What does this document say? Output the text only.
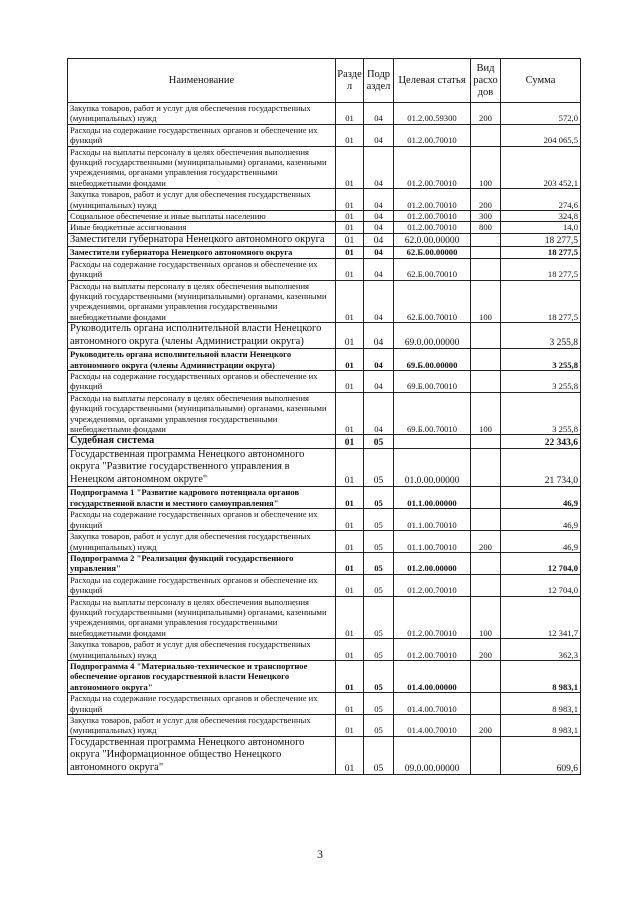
Наименование	Разде л	Подр аздел	Целевая статья	Вид расхо дов	Сумма
Закупка товаров, работ и услуг для обеспечения государственных (муниципальных) нужд	01	04	01.2.00.59300	200	572,0
Расходы на содержание государственных органов и обеспечение их функций	01	04	01.2.00.70010		204 065,5
Расходы на выплаты персоналу в целях обеспечения выполнения функций государственными (муниципальными) органами, казенными учреждениями, органами управления государственными внебюджетными фондами	01	04	01.2.00.70010	100	203 452,1
Закупка товаров, работ и услуг для обеспечения государственных (муниципальных) нужд	01	04	01.2.00.70010	200	274,6
Социальное обеспечение и иные выплаты населению	01	04	01.2.00.70010	300	324,8
Иные бюджетные ассигнования	01	04	01.2.00.70010	800	14,0
Заместители губернатора Ненецкого автономного округа	01	04	62.0.00.00000		18 277,5
Заместители губернатора Ненецкого автономного округа	01	04	62.Б.00.00000		18 277,5
Расходы на содержание государственных органов и обеспечение их функций	01	04	62.Б.00.70010		18 277,5
Расходы на выплаты персоналу в целях обеспечения выполнения функций государственными (муниципальными) органами, казенными учреждениями, органами управления государственными внебюджетными фондами	01	04	62.Б.00.70010	100	18 277,5
Руководитель органа исполнительной власти Ненецкого автономного округа (члены Администрации округа)	01	04	69.0.00.00000		3 255,8
Руководитель органа исполнительной власти Ненецкого автономного округа (члены Администрации округа)	01	04	69.Б.00.00000		3 255,8
Расходы на содержание государственных органов и обеспечение их функций	01	04	69.Б.00.70010		3 255,8
Расходы на выплаты персоналу в целях обеспечения выполнения функций государственными (муниципальными) органами, казенными учреждениями, органами управления государственными внебюджетными фондами	01	04	69.Б.00.70010	100	3 255,8
Судебная система	01	05			22 343,6
Государственная программа Ненецкого автономного округа "Развитие государственного управления в Ненецком автономном округе"	01	05	01.0.00.00000		21 734,0
Подпрограмма 1 "Развитие кадрового потенциала органов государственной власти и местного самоуправления"	01	05	01.1.00.00000		46,9
Расходы на содержание государственных органов и обеспечение их функций	01	05	01.1.00.70010		46,9
Закупка товаров, работ и услуг для обеспечения государственных (муниципальных) нужд	01	05	01.1.00.70010	200	46,9
Подпрограмма 2 "Реализация функций государственного управления"	01	05	01.2.00.00000		12 704,0
Расходы на содержание государственных органов и обеспечение их функций	01	05	01.2.00.70010		12 704,0
Расходы на выплаты персоналу в целях обеспечения выполнения функций государственными (муниципальными) органами, казенными учреждениями, органами управления государственными внебюджетными фондами	01	05	01.2.00.70010	100	12 341,7
Закупка товаров, работ и услуг для обеспечения государственных (муниципальных) нужд	01	05	01.2.00.70010	200	362,3
Подпрограмма 4 "Материально-техническое и транспортное обеспечение органов государственной власти Ненецкого автономного округа"	01	05	01.4.00.00000		8 983,1
Расходы на содержание государственных органов и обеспечение их функций	01	05	01.4.00.70010		8 983,1
Закупка товаров, работ и услуг для обеспечения государственных (муниципальных) нужд	01	05	01.4.00.70010	200	8 983,1
Государственная программа Ненецкого автономного округа "Информационное общество Ненецкого автономного округа"	01	05	09.0.00.00000		609,6
3
